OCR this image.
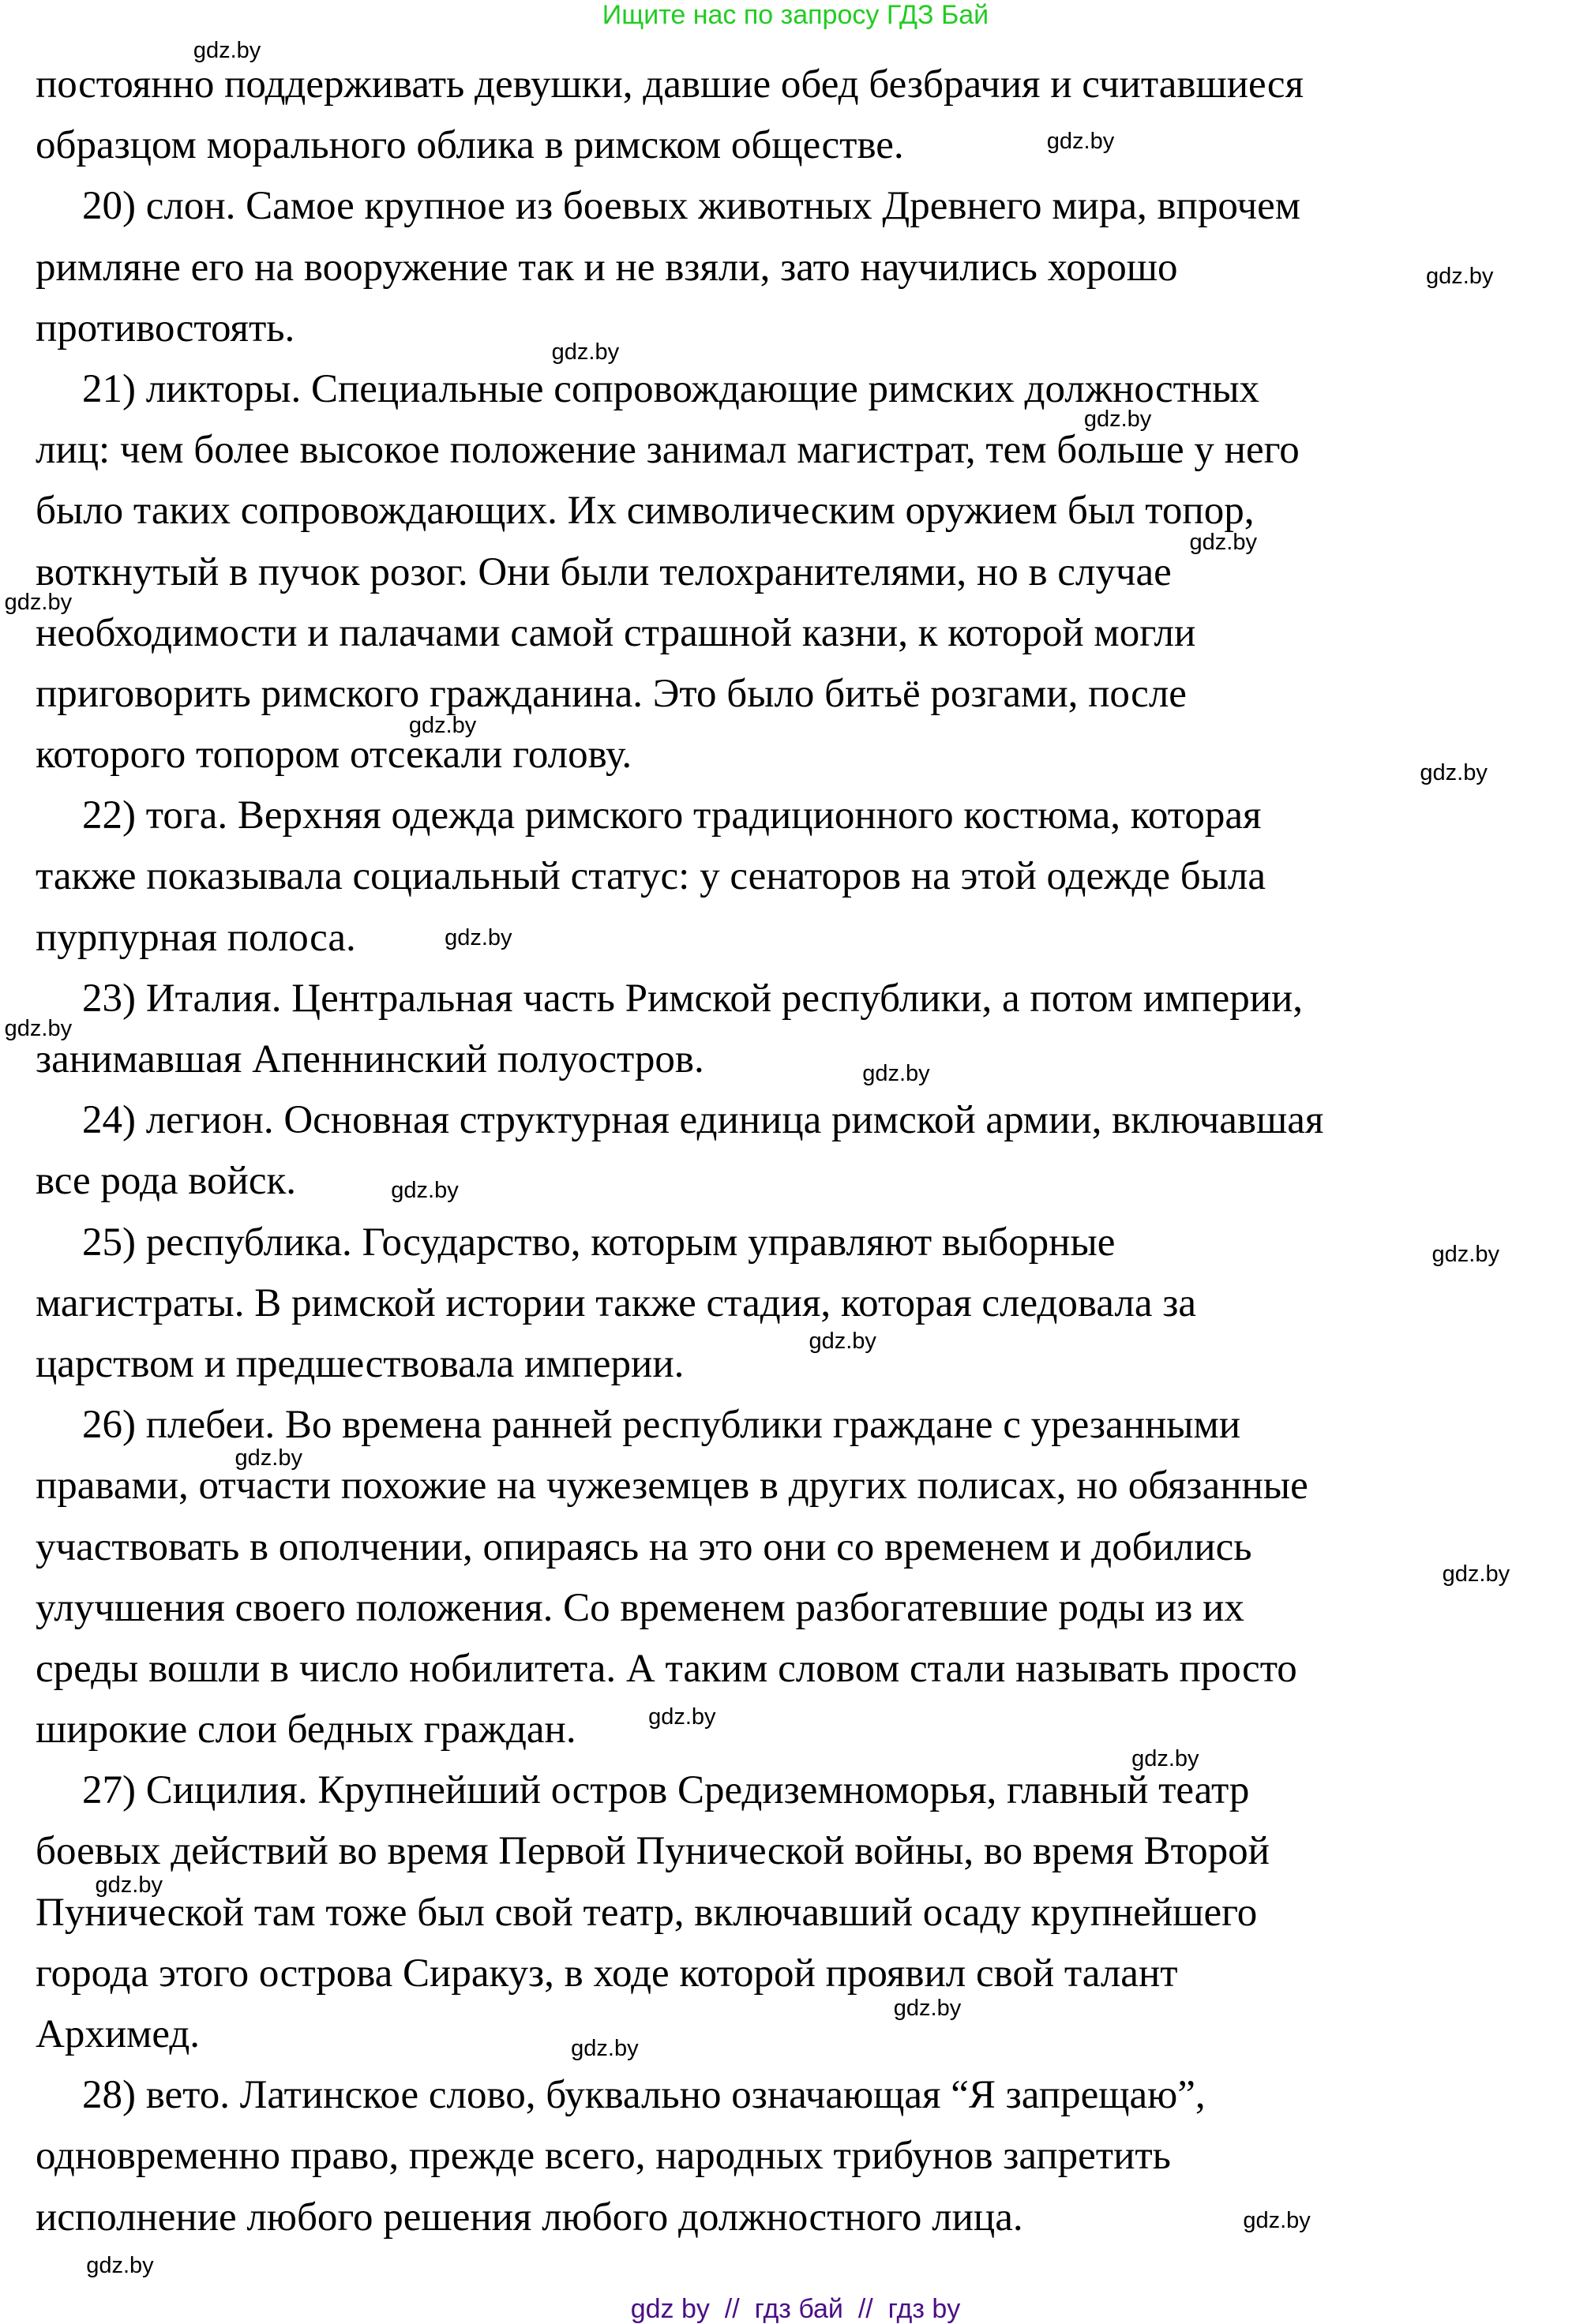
Ищите нас по запросу ГДЗ Бай
постоянно поддерживать девушки, давшие обед безбрачия и считавшиеся
образцом морального облика в римском обществе.
20) слон. Самое крупное из боевых животных Древнего мира, впрочем
римляне его на вооружение так и не взяли, зато научились хорошо
противостоять.
21) ликторы. Специальные сопровождающие римских должностных
лиц: чем более высокое положение занимал магистрат, тем больше у него
было таких сопровождающих. Их символическим оружием был топор,
воткнутый в пучок розог. Они были телохранителями, но в случае
необходимости и палачами самой страшной казни, к которой могли
приговорить римского гражданина. Это было битьё розгами, после
которого топором отсекали голову.
22) тога. Верхняя одежда римского традиционного костюма, которая
также показывала социальный статус: у сенаторов на этой одежде была
пурпурная полоса.
23) Италия. Центральная часть Римской республики, а потом империи,
занимавшая Апеннинский полуостров.
24) легион. Основная структурная единица римской армии, включавшая
все рода войск.
25) республика. Государство, которым управляют выборные
магистраты. В римской истории также стадия, которая следовала за
царством и предшествовала империи.
26) плебеи. Во времена ранней республики граждане с урезанными
правами, отчасти похожие на чужеземцев в других полисах, но обязанные
участвовать в ополчении, опираясь на это они со временем и добились
улучшения своего положения. Со временем разбогатевшие роды из их
среды вошли в число нобилитета. А таким словом стали называть просто
широкие слои бедных граждан.
27) Сицилия. Крупнейший остров Средиземноморья, главный театр
боевых действий во время Первой Пунической войны, во время Второй
Пунической там тоже был свой театр, включавший осаду крупнейшего
города этого острова Сиракуз, в ходе которой проявил свой талант
Архимед.
28) вето. Латинское слово, буквально означающая “Я запрещаю”,
одновременно право, прежде всего, народных трибунов запретить
исполнение любого решения любого должностного лица.
gdz.by
gdz.by
gdz.by
gdz.by
gdz.by
gdz.by
gdz.by
gdz.by
gdz.by
gdz.by
gdz.by
gdz.by
gdz.by
gdz.by
gdz.by
gdz.by
gdz.by
gdz.by
gdz.by
gdz.by
gdz.by
gdz.by
gdz.by
gdz.by
gdz by  //  гдз бай  //  гдз by
